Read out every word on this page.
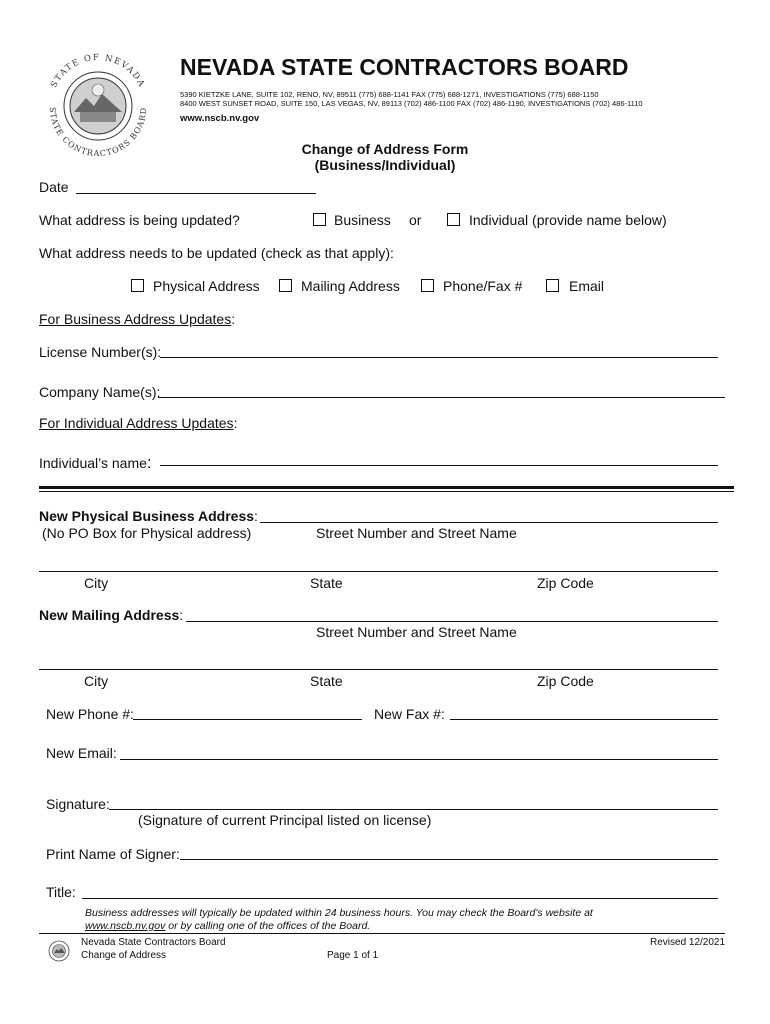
STATE OF NEVADA
STATE CONTRACTORS BOARD
NEVADA STATE CONTRACTORS BOARD
5390 KIETZKE LANE, SUITE 102, RENO, NV, 89511 (775) 688-1141 FAX (775) 688-1271, INVESTIGATIONS (775) 688-1150
8400 WEST SUNSET ROAD, SUITE 150, LAS VEGAS, NV, 89113 (702) 486-1100 FAX (702) 486-1190, INVESTIGATIONS (702) 486-1110
www.nscb.nv.gov
Change of Address Form
(Business/Individual)
Date
What address is being updated?	Business or	Individual (provide name below)
What address needs to be updated (check as that apply):
Physical Address	Mailing Address	Phone/Fax #	Email
For Business Address Updates:
License Number(s):
Company Name(s):
For Individual Address Updates:
Individual’s name:
New Physical Business Address:
(No PO Box for Physical address)	Street Number and Street Name
City	State	Zip Code
New Mailing Address:
Street Number and Street Name
City	State	Zip Code
New Phone #:	New Fax #:
New Email:
Signature:
(Signature of current Principal listed on license)
Print Name of Signer:
Title:
Business addresses will typically be updated within 24 business hours. You may check the Board's website at
www.nscb.nv.gov or by calling one of the offices of the Board.
Nevada State Contractors Board
Change of Address	Page 1 of 1
Revised 12/2021
